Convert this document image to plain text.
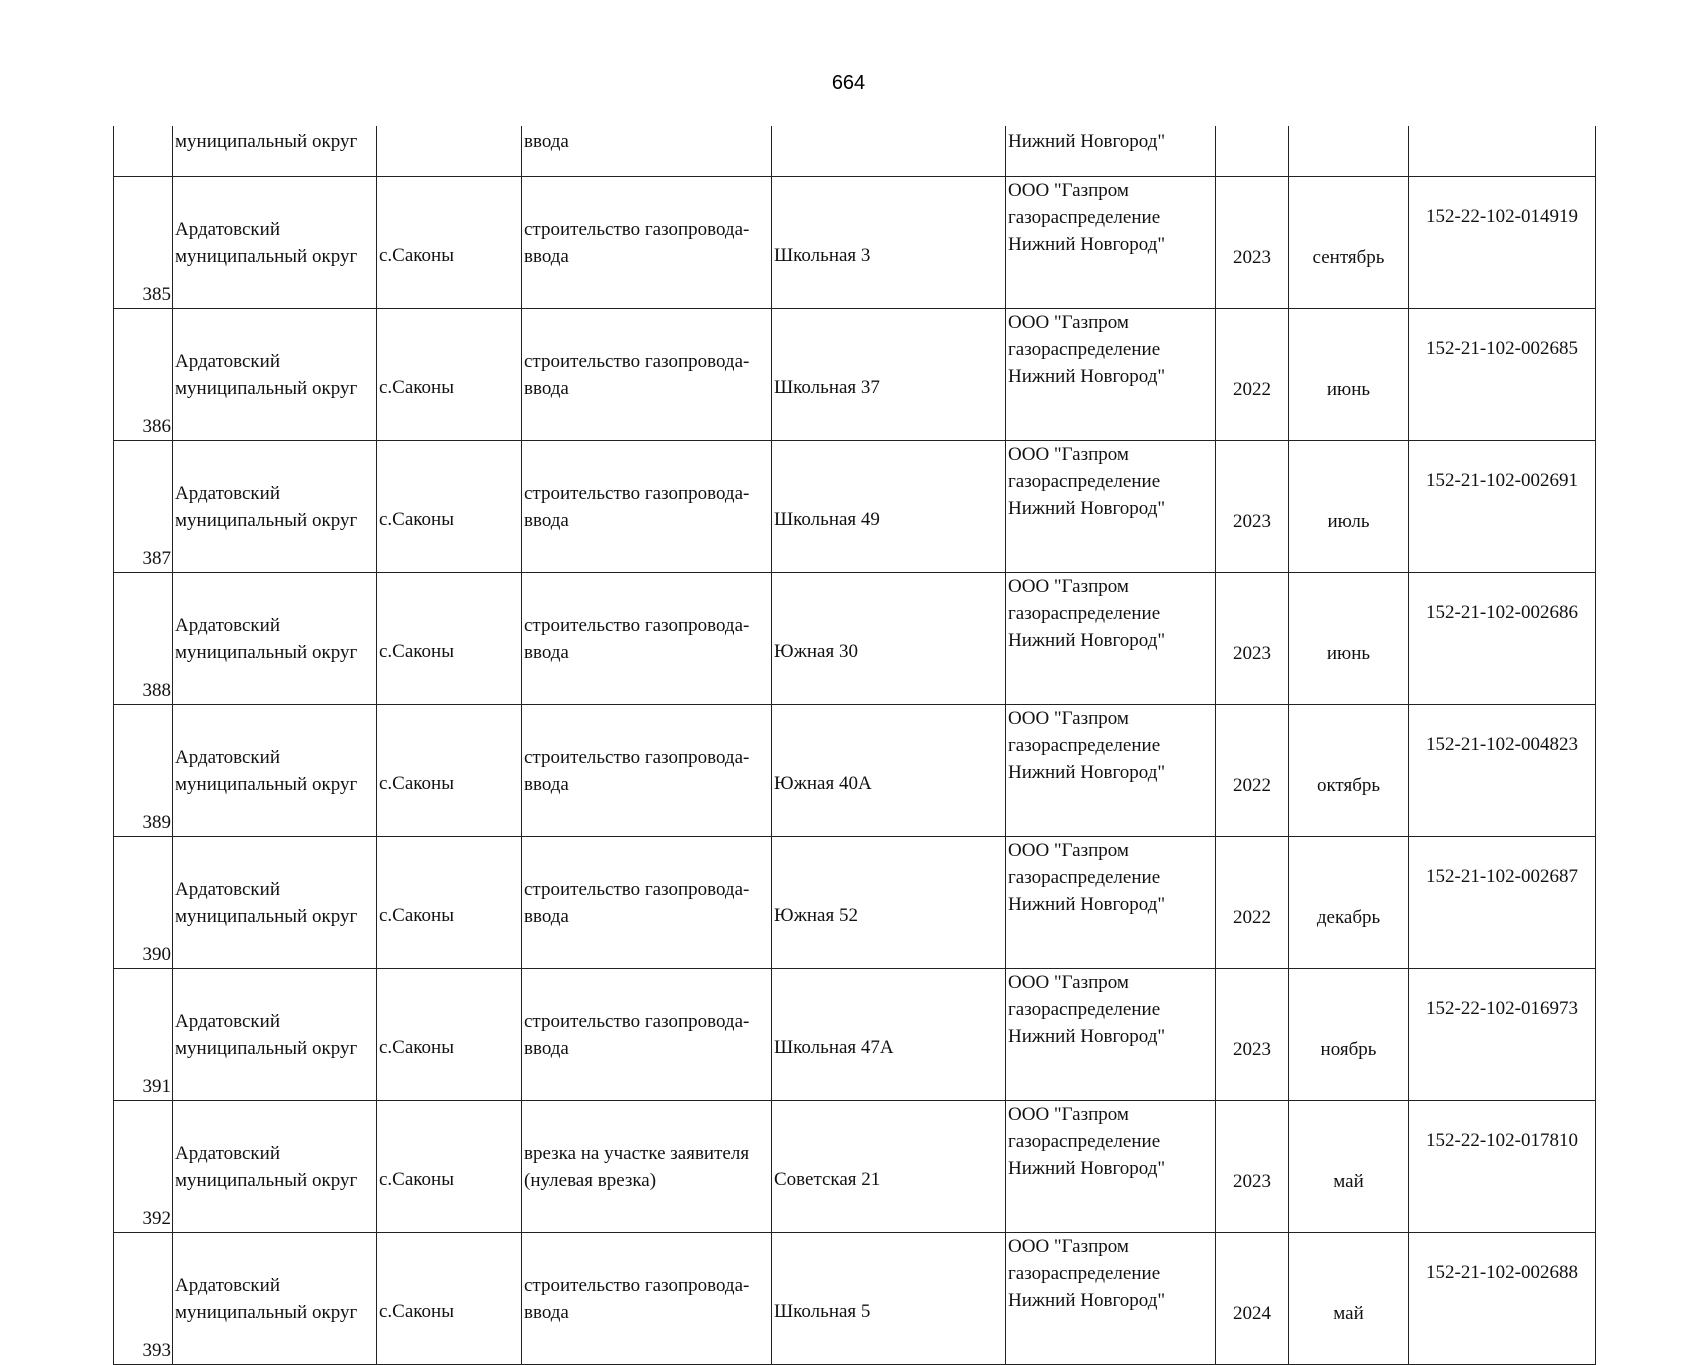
664
	муниципальный округ		ввода		Нижний Новгород"			
385	Ардатовский
муниципальный округ	с.Саконы	строительство газопровода-
ввода	Школьная 3	ООО "Газпром
газораспределение
Нижний Новгород"	2023	сентябрь	152-22-102-014919
386	Ардатовский
муниципальный округ	с.Саконы	строительство газопровода-
ввода	Школьная 37	ООО "Газпром
газораспределение
Нижний Новгород"	2022	июнь	152-21-102-002685
387	Ардатовский
муниципальный округ	с.Саконы	строительство газопровода-
ввода	Школьная 49	ООО "Газпром
газораспределение
Нижний Новгород"	2023	июль	152-21-102-002691
388	Ардатовский
муниципальный округ	с.Саконы	строительство газопровода-
ввода	Южная 30	ООО "Газпром
газораспределение
Нижний Новгород"	2023	июнь	152-21-102-002686
389	Ардатовский
муниципальный округ	с.Саконы	строительство газопровода-
ввода	Южная 40А	ООО "Газпром
газораспределение
Нижний Новгород"	2022	октябрь	152-21-102-004823
390	Ардатовский
муниципальный округ	с.Саконы	строительство газопровода-
ввода	Южная 52	ООО "Газпром
газораспределение
Нижний Новгород"	2022	декабрь	152-21-102-002687
391	Ардатовский
муниципальный округ	с.Саконы	строительство газопровода-
ввода	Школьная 47А	ООО "Газпром
газораспределение
Нижний Новгород"	2023	ноябрь	152-22-102-016973
392	Ардатовский
муниципальный округ	с.Саконы	врезка на участке заявителя
(нулевая врезка)	Советская 21	ООО "Газпром
газораспределение
Нижний Новгород"	2023	май	152-22-102-017810
393	Ардатовский
муниципальный округ	с.Саконы	строительство газопровода-
ввода	Школьная 5	ООО "Газпром
газораспределение
Нижний Новгород"	2024	май	152-21-102-002688
